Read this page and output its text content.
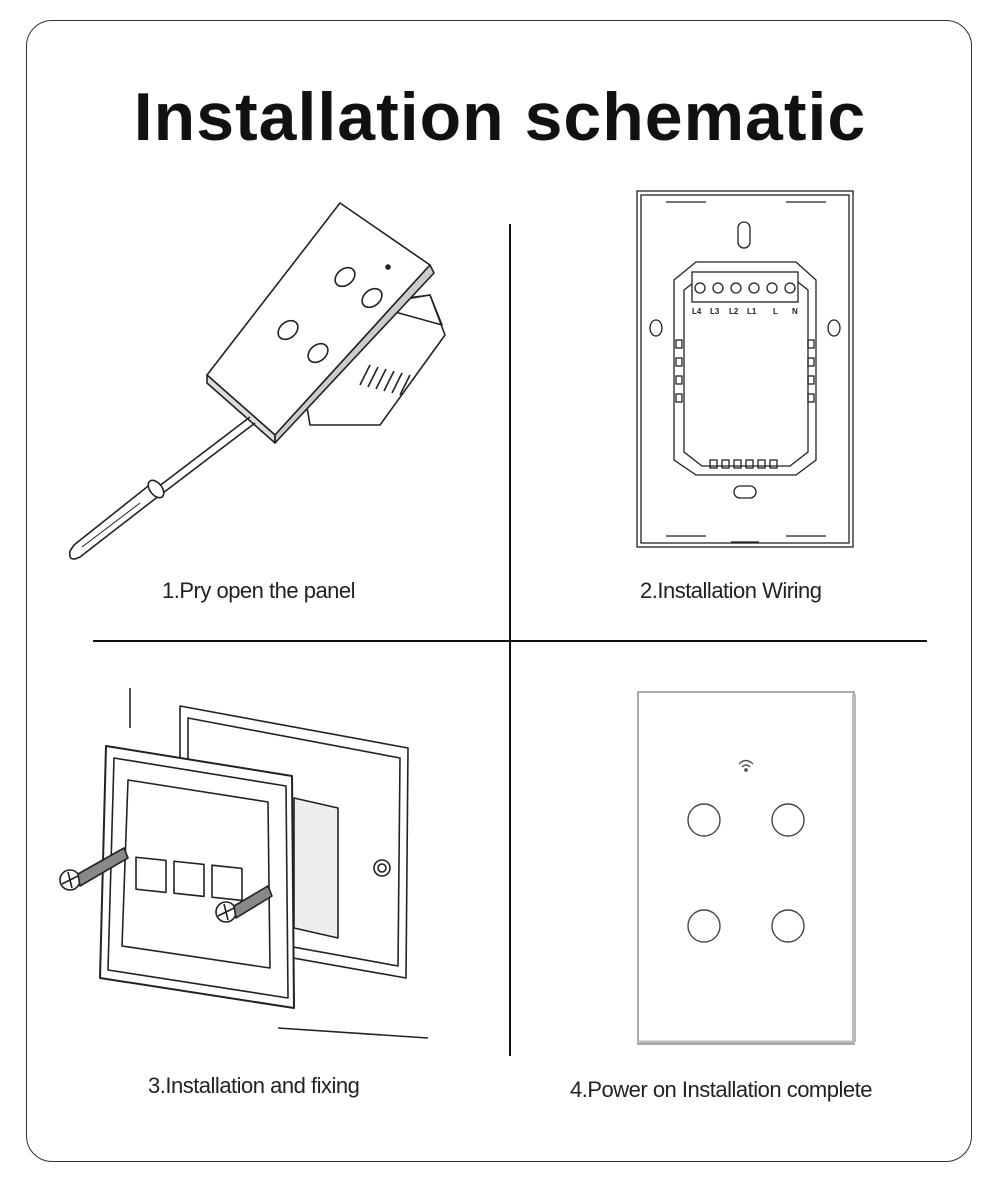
Installation schematic
1.Pry open the panel
L4 L3 L2 L1 L N
2.Installation Wiring
3.Installation and fixing	4.Power on Installation complete
